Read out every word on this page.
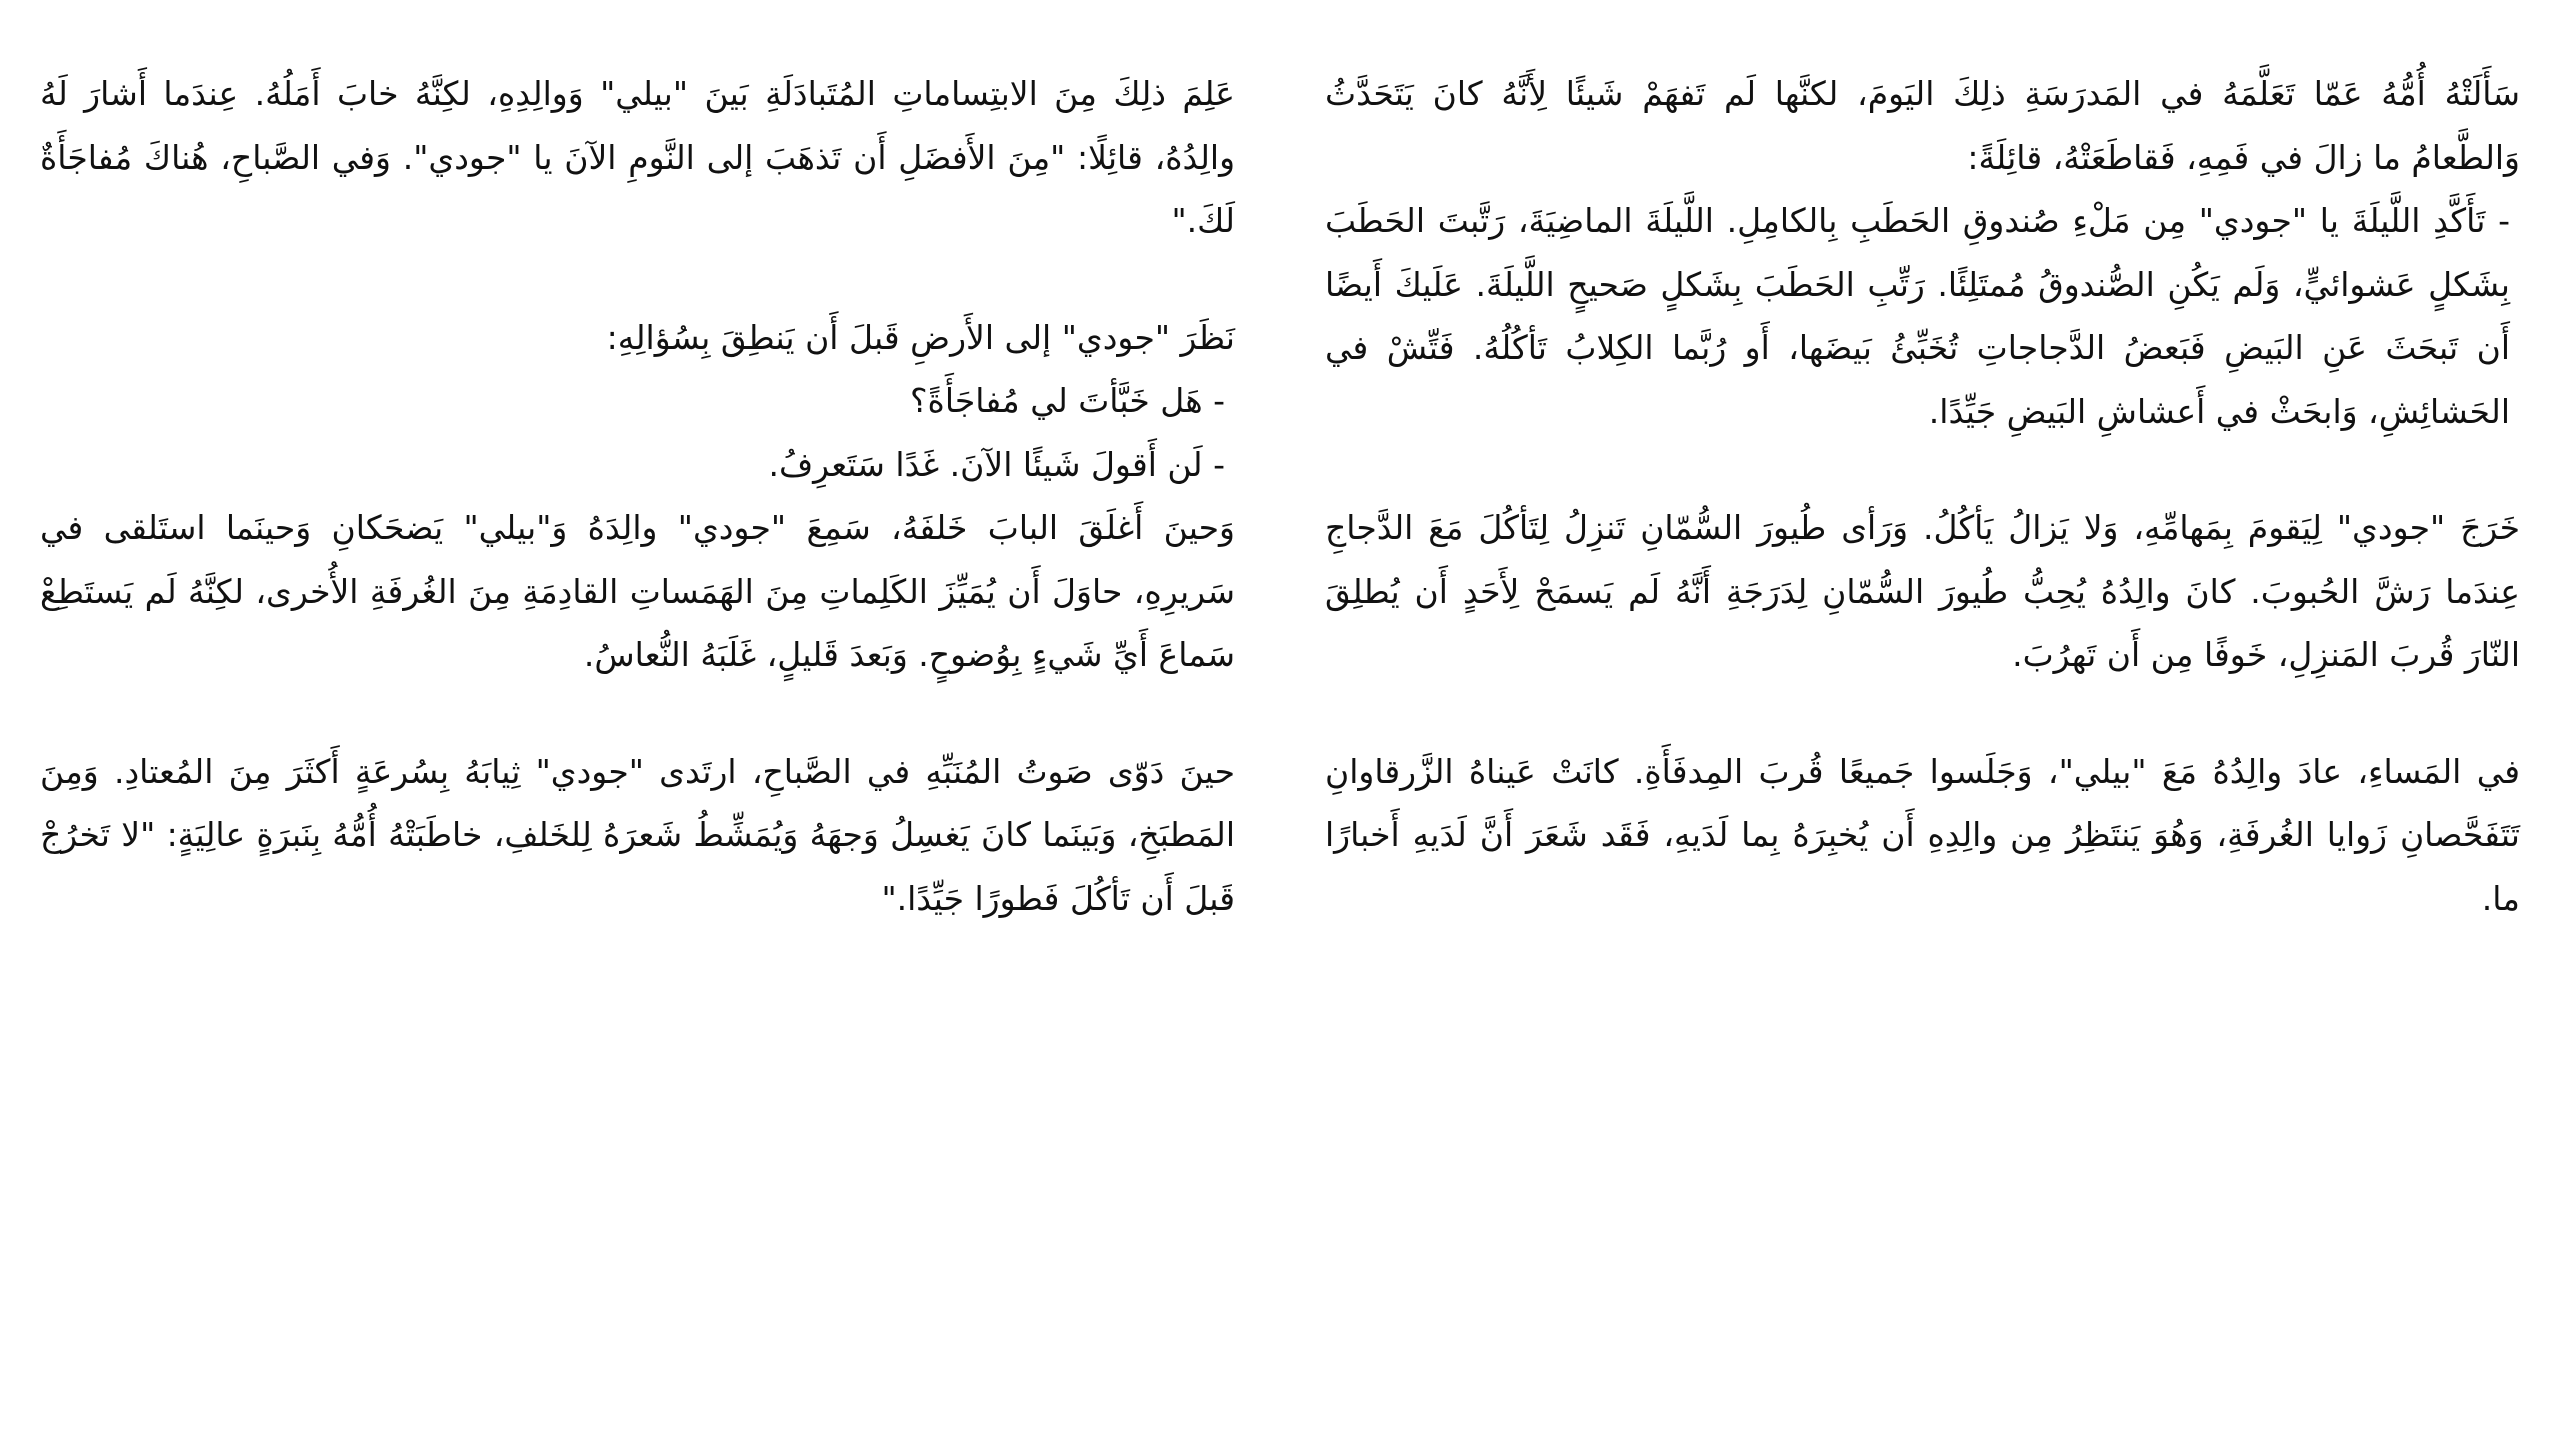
سَأَلَتْهُ أُمُّهُ عَمّا تَعَلَّمَهُ في المَدرَسَةِ ذلِكَ اليَومَ، لكنَّها لَم تَفهَمْ شَيئًا لِأَنَّهُ كانَ يَتَحَدَّثُ وَالطَّعامُ ما زالَ في فَمِهِ، فَقاطَعَتْهُ، قائِلَةً:

- تَأَكَّدِ اللَّيلَةَ يا "جودي" مِن مَلْءِ صُندوقِ الحَطَبِ بِالكامِلِ. اللَّيلَةَ الماضِيَةَ، رَتَّبتَ الحَطَبَ بِشَكلٍ عَشوائيٍّ، وَلَم يَكُنِ الصُّندوقُ مُمتَلِئًا. رَتِّبِ الحَطَبَ بِشَكلٍ صَحيحٍ اللَّيلَةَ. عَلَيكَ أَيضًا أَن تَبحَثَ عَنِ البَيضِ فَبَعضُ الدَّجاجاتِ تُخَبِّئُ بَيضَها، أَو رُبَّما الكِلابُ تَأكُلُهُ. فَتِّشْ في الحَشائِشِ، وَابحَثْ في أَعشاشِ البَيضِ جَيِّدًا.

خَرَجَ "جودي" لِيَقومَ بِمَهامِّهِ، وَلا يَزالُ يَأكُلُ. وَرَأى طُيورَ السُّمّانِ تَنزِلُ لِتَأكُلَ مَعَ الدَّجاجِ عِندَما رَشَّ الحُبوبَ. كانَ والِدُهُ يُحِبُّ طُيورَ السُّمّانِ لِدَرَجَةِ أَنَّهُ لَم يَسمَحْ لِأَحَدٍ أَن يُطلِقَ النّارَ قُربَ المَنزِلِ، خَوفًا مِن أَن تَهرُبَ.

في المَساءِ، عادَ والِدُهُ مَعَ "بيلي"، وَجَلَسوا جَميعًا قُربَ المِدفَأَةِ. كانَتْ عَيناهُ الزَّرقاوانِ تَتَفَحَّصانِ زَوايا الغُرفَةِ، وَهُوَ يَنتَظِرُ مِن والِدِهِ أَن يُخبِرَهُ بِما لَدَيهِ، فَقَد شَعَرَ أَنَّ لَدَيهِ أَخبارًا ما.

عَلِمَ ذلِكَ مِنَ الابتِساماتِ المُتَبادَلَةِ بَينَ "بيلي" وَوالِدِهِ، لكِنَّهُ خابَ أَمَلُهُ. عِندَما أَشارَ لَهُ والِدُهُ، قائِلًا: "مِنَ الأَفضَلِ أَن تَذهَبَ إلى النَّومِ الآنَ يا "جودي". وَفي الصَّباحِ، هُناكَ مُفاجَأَةٌ لَكَ."

نَظَرَ "جودي" إلى الأَرضِ قَبلَ أَن يَنطِقَ بِسُؤالِهِ:

- هَل خَبَّأتَ لي مُفاجَأَةً؟

- لَن أَقولَ شَيئًا الآنَ. غَدًا سَتَعرِفُ.

وَحينَ أَغلَقَ البابَ خَلفَهُ، سَمِعَ "جودي" والِدَهُ وَ"بيلي" يَضحَكانِ وَحينَما استَلقى في سَريرِهِ، حاوَلَ أَن يُمَيِّزَ الكَلِماتِ مِنَ الهَمَساتِ القادِمَةِ مِنَ الغُرفَةِ الأُخرى، لكِنَّهُ لَم يَستَطِعْ سَماعَ أَيِّ شَيءٍ بِوُضوحٍ. وَبَعدَ قَليلٍ، غَلَبَهُ النُّعاسُ.

حينَ دَوّى صَوتُ المُنَبِّهِ في الصَّباحِ، ارتَدى "جودي" ثِيابَهُ بِسُرعَةٍ أَكثَرَ مِنَ المُعتادِ. وَمِنَ المَطبَخِ، وَبَينَما كانَ يَغسِلُ وَجهَهُ وَيُمَشِّطُ شَعرَهُ لِلخَلفِ، خاطَبَتْهُ أُمُّهُ بِنَبرَةٍ عالِيَةٍ: "لا تَخرُجْ قَبلَ أَن تَأكُلَ فَطورًا جَيِّدًا."
